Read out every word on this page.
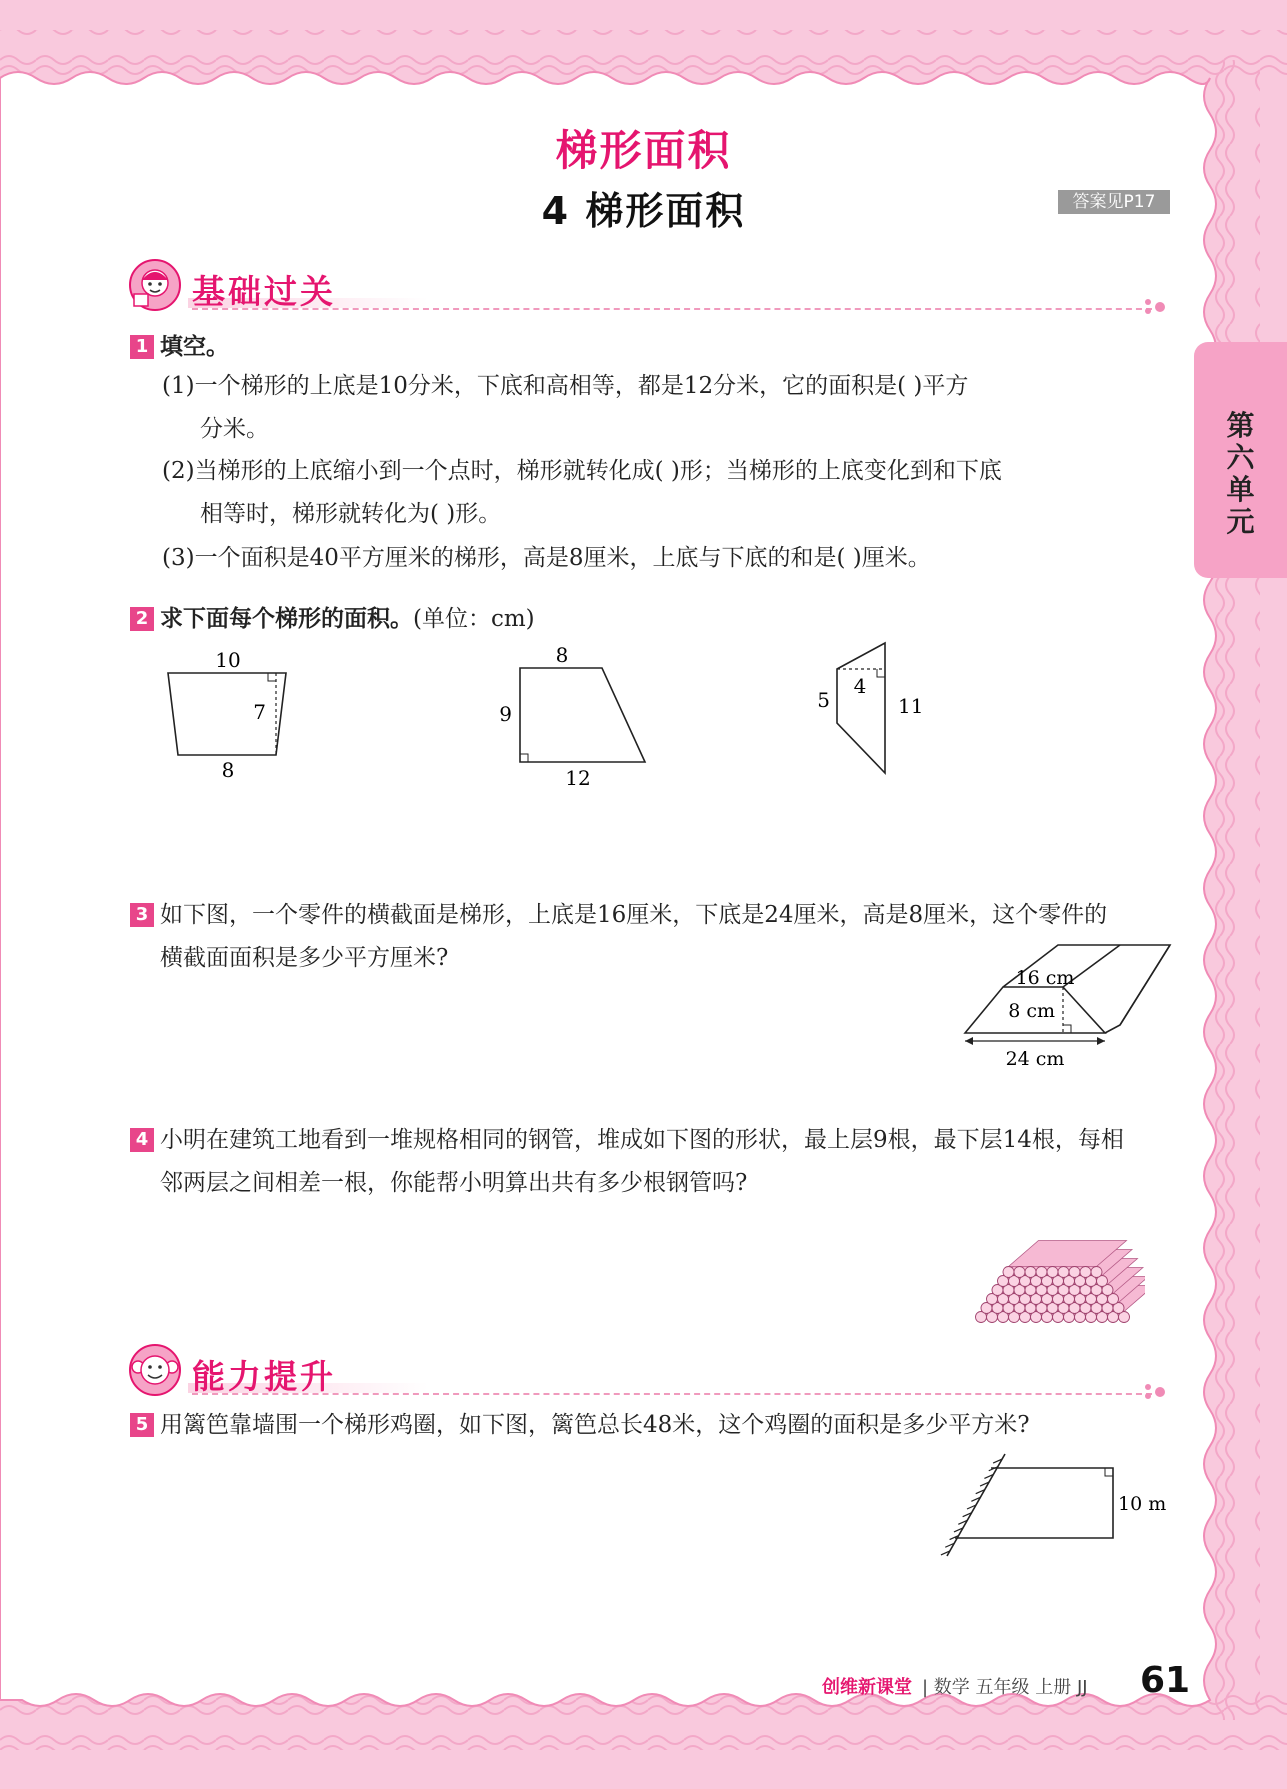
第
六
单
元
梯形面积
4 梯形面积	答案见P17
基础过关
1 填空。
(1)一个梯形的上底是10分米，下底和高相等，都是12分米，它的面积是( )平方
分米。
(2)当梯形的上底缩小到一个点时，梯形就转化成( )形；当梯形的上底变化到和下底
相等时，梯形就转化为( )形。
(3)一个面积是40平方厘米的梯形，高是8厘米，上底与下底的和是( )厘米。
2 求下面每个梯形的面积。(单位：cm)
10
7
8
8
9
12
5
4
11
3 如下图，一个零件的横截面是梯形，上底是16厘米，下底是24厘米，高是8厘米，这个零件的
横截面面积是多少平方厘米?
16 cm
8 cm
24 cm
4 小明在建筑工地看到一堆规格相同的钢管，堆成如下图的形状，最上层9根，最下层14根，每相
邻两层之间相差一根，你能帮小明算出共有多少根钢管吗?
能力提升
5 用篱笆靠墙围一个梯形鸡圈，如下图，篱笆总长48米，这个鸡圈的面积是多少平方米?
10 m
创维新课堂 | 数学 五年级 上册 JJ 61
